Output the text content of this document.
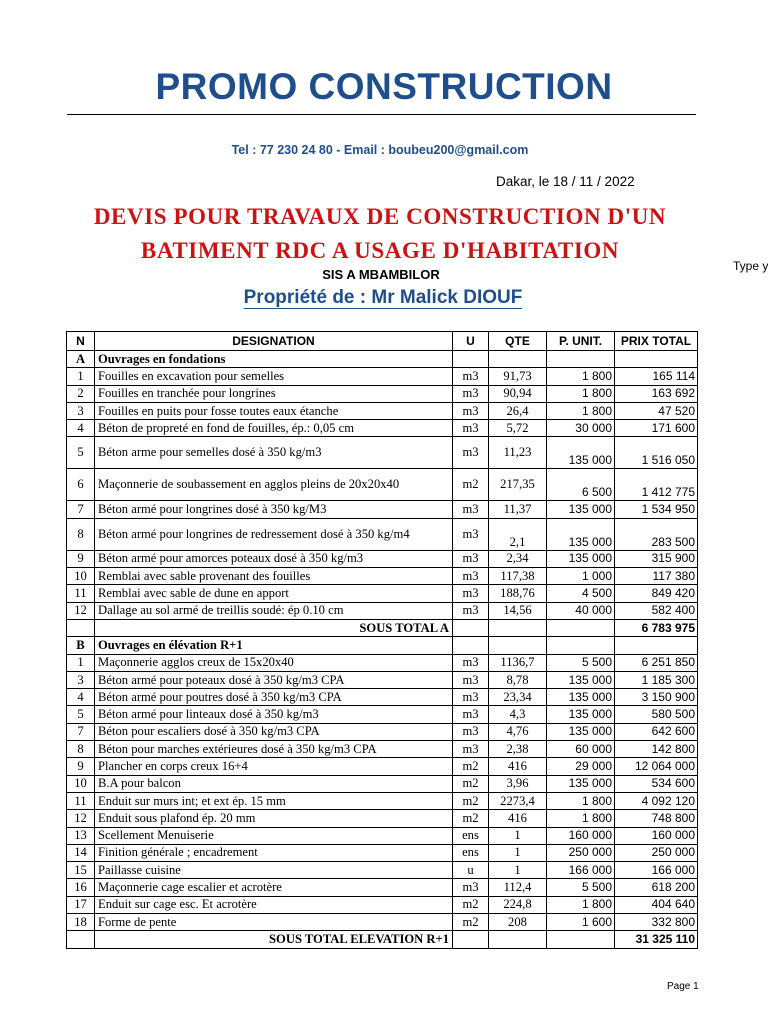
PROMO CONSTRUCTION
Tel : 77 230 24 80 - Email : boubeu200@gmail.com
Dakar, le 18 / 11 / 2022
DEVIS POUR TRAVAUX DE CONSTRUCTION D'UN
BATIMENT RDC A USAGE D'HABITATION
SIS A MBAMBILOR
Propriété de : Mr Malick DIOUF
Type y
N	DESIGNATION	U	QTE	P. UNIT.	PRIX TOTAL
A	Ouvrages en fondations				
1	Fouilles en excavation pour semelles	m3	91,73	1 800	165 114
2	Fouilles en tranchée pour longrines	m3	90,94	1 800	163 692
3	Fouilles en puits pour fosse toutes eaux étanche	m3	26,4	1 800	47 520
4	Béton de propreté en fond de fouilles, ép.: 0,05 cm	m3	5,72	30 000	171 600
5	Béton arme pour semelles dosé à 350 kg/m3	m3	11,23	135 000	1 516 050
6	Maçonnerie de soubassement en agglos pleins de 20x20x40	m2	217,35	6 500	1 412 775
7	Béton armé pour longrines dosé à 350 kg/M3	m3	11,37	135 000	1 534 950
8	Béton armé pour longrines de redressement dosé à 350 kg/m4	m3	2,1	135 000	283 500
9	Béton armé pour amorces poteaux dosé à 350 kg/m3	m3	2,34	135 000	315 900
10	Remblai avec sable provenant des fouilles	m3	117,38	1 000	117 380
11	Remblai avec sable de dune en apport	m3	188,76	4 500	849 420
12	Dallage au sol armé de treillis soudé: ép 0.10 cm	m3	14,56	40 000	582 400
	SOUS TOTAL A				6 783 975
B	Ouvrages en élévation R+1				
1	Maçonnerie agglos creux de 15x20x40	m3	1136,7	5 500	6 251 850
3	Béton armé pour poteaux dosé à 350 kg/m3 CPA	m3	8,78	135 000	1 185 300
4	Béton armé pour poutres dosé à 350 kg/m3 CPA	m3	23,34	135 000	3 150 900
5	Béton armé pour linteaux dosé à 350 kg/m3	m3	4,3	135 000	580 500
7	Béton pour escaliers dosé à 350 kg/m3 CPA	m3	4,76	135 000	642 600
8	Béton pour marches extérieures dosé à 350 kg/m3 CPA	m3	2,38	60 000	142 800
9	Plancher en corps creux 16+4	m2	416	29 000	12 064 000
10	B.A pour balcon	m2	3,96	135 000	534 600
11	Enduit sur murs int; et ext ép. 15 mm	m2	2273,4	1 800	4 092 120
12	Enduit sous plafond ép. 20 mm	m2	416	1 800	748 800
13	Scellement Menuiserie	ens	1	160 000	160 000
14	Finition générale ; encadrement	ens	1	250 000	250 000
15	Paillasse cuisine	u	1	166 000	166 000
16	Maçonnerie cage escalier et acrotère	m3	112,4	5 500	618 200
17	Enduit sur cage esc. Et acrotère	m2	224,8	1 800	404 640
18	Forme de pente	m2	208	1 600	332 800
	SOUS TOTAL ELEVATION R+1				31 325 110
Page 1
